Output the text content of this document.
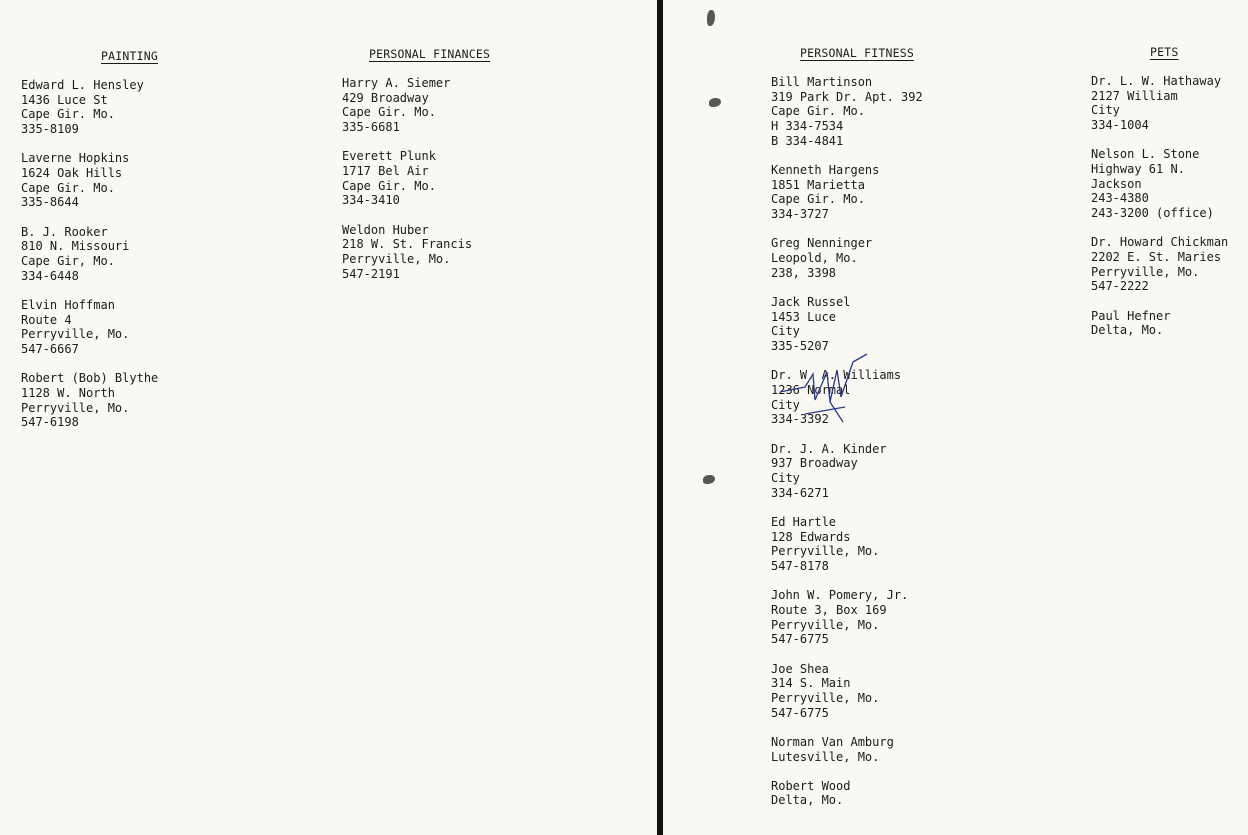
PAINTING
Edward L. Hensley
1436 Luce St
Cape Gir. Mo.
335-8109
Laverne Hopkins
1624 Oak Hills
Cape Gir. Mo.
335-8644
B. J. Rooker
810 N. Missouri
Cape Gir, Mo.
334-6448
Elvin Hoffman
Route 4
Perryville, Mo.
547-6667
Robert (Bob) Blythe
1128 W. North
Perryville, Mo.
547-6198
PERSONAL FINANCES
Harry A. Siemer
429 Broadway
Cape Gir. Mo.
335-6681
Everett Plunk
1717 Bel Air
Cape Gir. Mo.
334-3410
Weldon Huber
218 W. St. Francis
Perryville, Mo.
547-2191
PERSONAL FITNESS
Bill Martinson
319 Park Dr. Apt. 392
Cape Gir. Mo.
H 334-7534
B 334-4841
Kenneth Hargens
1851 Marietta
Cape Gir. Mo.
334-3727
Greg Nenninger
Leopold, Mo.
238, 3398
Jack Russel
1453 Luce
City
335-5207
Dr. W. A. Williams
1236 Normal
City
334-3392
Dr. J. A. Kinder
937 Broadway
City
334-6271
Ed Hartle
128 Edwards
Perryville, Mo.
547-8178
John W. Pomery, Jr.
Route 3, Box 169
Perryville, Mo.
547-6775
Joe Shea
314 S. Main
Perryville, Mo.
547-6775
Norman Van Amburg
Lutesville, Mo.
Robert Wood
Delta, Mo.
PETS
Dr. L. W. Hathaway
2127 William
City
334-1004
Nelson L. Stone
Highway 61 N.
Jackson
243-4380
243-3200 (office)
Dr. Howard Chickman
2202 E. St. Maries
Perryville, Mo.
547-2222
Paul Hefner
Delta, Mo.
